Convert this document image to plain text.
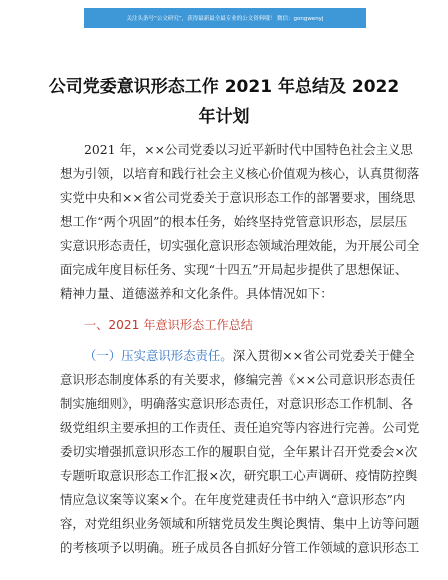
关注头条号“公文研究”，获得最新最全最专业的公文资料哦！ 微信：gongwenyj
公司党委意识形态工作 2021 年总结及 2022
年计划
2021 年，××公司党委以习近平新时代中国特色社会主义思
想为引领，以培育和践行社会主义核心价值观为核心，认真贯彻落
实党中央和××省公司党委关于意识形态工作的部署要求，围绕思
想工作“两个巩固”的根本任务，始终坚持党管意识形态，层层压
实意识形态责任，切实强化意识形态领域治理效能，为开展公司全
面完成年度目标任务、实现“十四五”开局起步提供了思想保证、
精神力量、道德滋养和文化条件。具体情况如下：
一、2021 年意识形态工作总结
（一）压实意识形态责任。深入贯彻××省公司党委关于健全
意识形态制度体系的有关要求，修编完善《××公司意识形态责任
制实施细则》，明确落实意识形态责任，对意识形态工作机制、各
级党组织主要承担的工作责任、责任追究等内容进行完善。公司党
委切实增强抓意识形态工作的履职自觉，全年累计召开党委会×次
专题听取意识形态工作汇报×次，研究职工心声调研、疫情防控舆
情应急议案等议案×个。在年度党建责任书中纳入“意识形态”内
容，对党组织业务领域和所辖党员发生舆论舆情、集中上访等问题
的考核项予以明确。班子成员各自抓好分管工作领域的意识形态工
